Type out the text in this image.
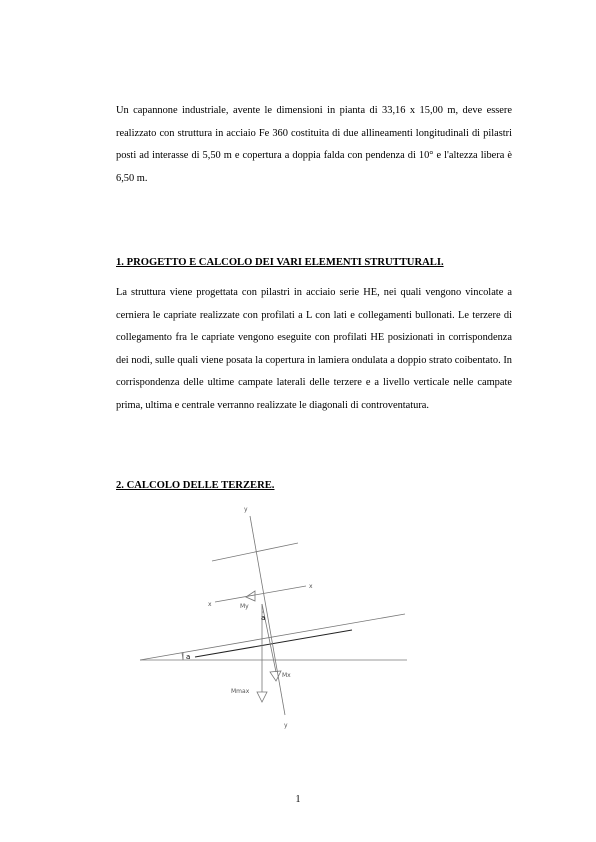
Un capannone industriale, avente le dimensioni in pianta di 33,16 x 15,00 m, deve essere realizzato con struttura in acciaio Fe 360 costituita di due allineamenti longitudinali di pilastri posti ad interasse di 5,50 m e copertura a doppia falda con pendenza di 10° e l'altezza libera è 6,50 m.

1. PROGETTO E CALCOLO DEI VARI ELEMENTI STRUTTURALI.

La struttura viene progettata con pilastri in acciaio serie HE, nei quali vengono vincolate a cerniera le capriate realizzate con profilati a L con lati e collegamenti bullonati. Le terzere di collegamento fra le capriate vengono eseguite con profilati HE posizionati in corrispondenza dei nodi, sulle quali viene posata la copertura in lamiera ondulata a doppio strato coibentato. In corrispondenza delle ultime campate laterali delle terzere e a livello verticale nelle campate prima, ultima e centrale verranno realizzate le diagonali di controventatura.

2. CALCOLO DELLE TERZERE.
y
x
x	My
a
a
Mx
Mmax
y
1
